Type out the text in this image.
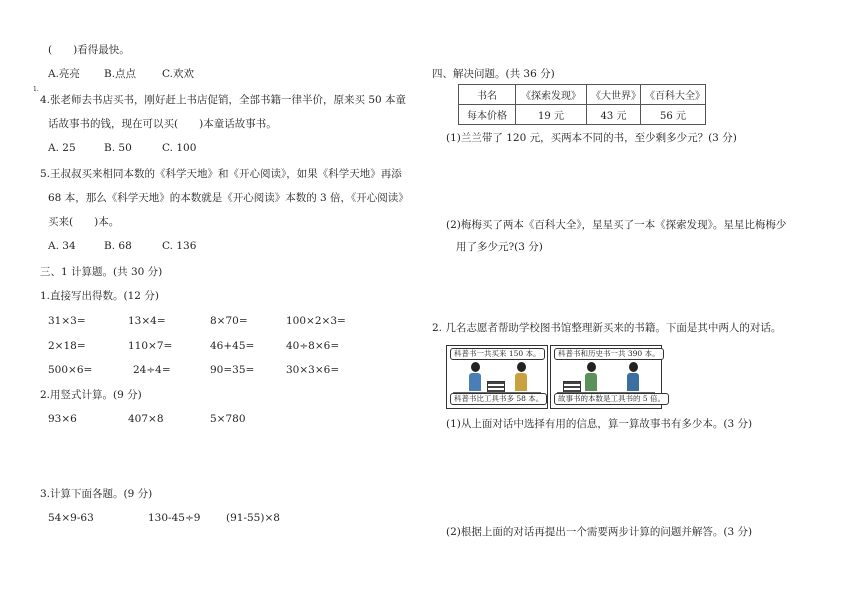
(　　)看得最快。
A.亮亮 B.点点 C.欢欢
1.
4.张老师去书店买书，刚好赶上书店促销，全部书籍一律半价，原来买 50 本童
话故事书的钱，现在可以买(　　)本童话故事书。
A. 25	B. 50	C. 100
5.王叔叔买来相同本数的《科学天地》和《开心阅读》，如果《科学天地》再添
68 本，那么《科学天地》的本数就是《开心阅读》本数的 3 倍，《开心阅读》
买来(　　)本。
A. 34	B. 68	C. 136
三、1 计算题。(共 30 分)
1.直接写出得数。(12 分)
31×3=	13×4=	8×70=	100×2×3=
2×18=	110×7=	46+45=	40÷8×6=
500×6=	24÷4=	90=35=	30×3×6=
2.用竖式计算。(9 分)
93×6	407×8	5×780
3.计算下面各题。(9 分)
54×9-63	130-45÷9 (91-55)×8
四、解决问题。(共 36 分)
书名	《探索发现》	《大世界》	《百科大全》
每本价格	19 元	43 元	56 元
(1)兰兰带了 120 元，买两本不同的书，至少剩多少元？(3 分)
(2)梅梅买了两本《百科大全》，星星买了一本《探索发现》。星星比梅梅少
用了多少元?(3 分)
2. 几名志愿者帮助学校图书馆整理新买来的书籍。下面是其中两人的对话。
科普书一共买来 150 本。
科普书比工具书多 58 本。
科普书和历史书一共 390 本。
故事书的本数是工具书的 5 倍。
(1)从上面对话中选择有用的信息，算一算故事书有多少本。(3 分)
(2)根据上面的对话再提出一个需要两步计算的问题并解答。(3 分)
